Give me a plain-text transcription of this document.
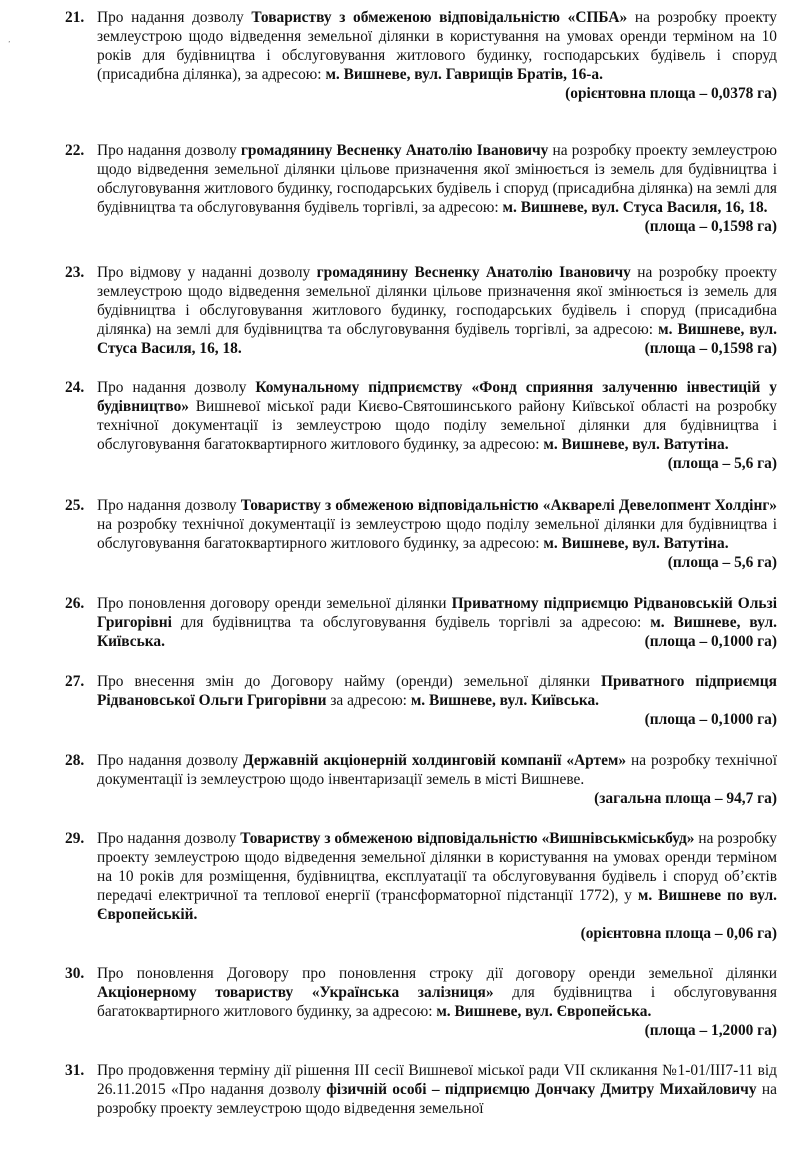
’
21. Про надання дозволу Товариству з обмеженою відповідальністю «СПБА» на розробку проекту землеустрою щодо відведення земельної ділянки в користування на умовах оренди терміном на 10 років для будівництва і обслуговування житлового будинку, господарських будівель і споруд (присадибна ділянка), за адресою: м. Вишневе, вул. Гаврищів Братів, 16-а.
(орієнтовна площа – 0,0378 га)
22. Про надання дозволу громадянину Весненку Анатолію Івановичу на розробку проекту землеустрою щодо відведення земельної ділянки цільове призначення якої змінюється із земель для будівництва і обслуговування житлового будинку, господарських будівель і споруд (присадибна ділянка) на землі для будівництва та обслуговування будівель торгівлі, за адресою: м. Вишневе, вул. Стуса Василя, 16, 18.
(площа – 0,1598 га)
23. Про відмову у наданні дозволу громадянину Весненку Анатолію Івановичу на розробку проекту землеустрою щодо відведення земельної ділянки цільове призначення якої змінюється із земель для будівництва і обслуговування житлового будинку, господарських будівель і споруд (присадибна ділянка) на землі для будівництва та обслуговування будівель торгівлі, за адресою: м. Вишневе, вул. Стуса Василя, 16, 18.	(площа – 0,1598 га)
24. Про надання дозволу Комунальному підприємству «Фонд сприяння залученню інвестицій у будівництво» Вишневої міської ради Києво-Святошинського району Київської області на розробку технічної документації із землеустрою щодо поділу земельної ділянки для будівництва і обслуговування багатоквартирного житлового будинку, за адресою: м. Вишневе, вул. Ватутіна.
(площа – 5,6 га)
25. Про надання дозволу Товариству з обмеженою відповідальністю «Акварелі Девелопмент Холдінг» на розробку технічної документації із землеустрою щодо поділу земельної ділянки для будівництва і обслуговування багатоквартирного житлового будинку, за адресою: м. Вишневе, вул. Ватутіна.
(площа – 5,6 га)
26. Про поновлення договору оренди земельної ділянки Приватному підприємцю Рідвановській Ользі Григорівні для будівництва та обслуговування будівель торгівлі за адресою: м. Вишневе, вул. Київська.	(площа – 0,1000 га)
27. Про внесення змін до Договору найму (оренди) земельної ділянки Приватного підприємця Рідвановської Ольги Григорівни за адресою: м. Вишневе, вул. Київська.
(площа – 0,1000 га)
28. Про надання дозволу Державній акціонерній холдинговій компанії «Артем» на розробку технічної документації із землеустрою щодо інвентаризації земель в місті Вишневе.
(загальна площа – 94,7 га)
29. Про надання дозволу Товариству з обмеженою відповідальністю «Вишнівськміськбуд» на розробку проекту землеустрою щодо відведення земельної ділянки в користування на умовах оренди терміном на 10 років для розміщення, будівництва, експлуатації та обслуговування будівель і споруд об’єктів передачі електричної та теплової енергії (трансформаторної підстанції 1772), у м. Вишневе по вул. Європейській.
(орієнтовна площа – 0,06 га)
30. Про поновлення Договору про поновлення строку дії договору оренди земельної ділянки Акціонерному товариству «Українська залізниця» для будівництва і обслуговування багатоквартирного житлового будинку, за адресою: м. Вишневе, вул. Європейська.
(площа – 1,2000 га)
31. Про продовження терміну дії рішення ІІІ сесії Вишневої міської ради VII скликання №1-01/ІІІ7-11 від 26.11.2015 «Про надання дозволу фізичній особі – підприємцю Дончаку Дмитру Михайловичу на розробку проекту землеустрою щодо відведення земельної
